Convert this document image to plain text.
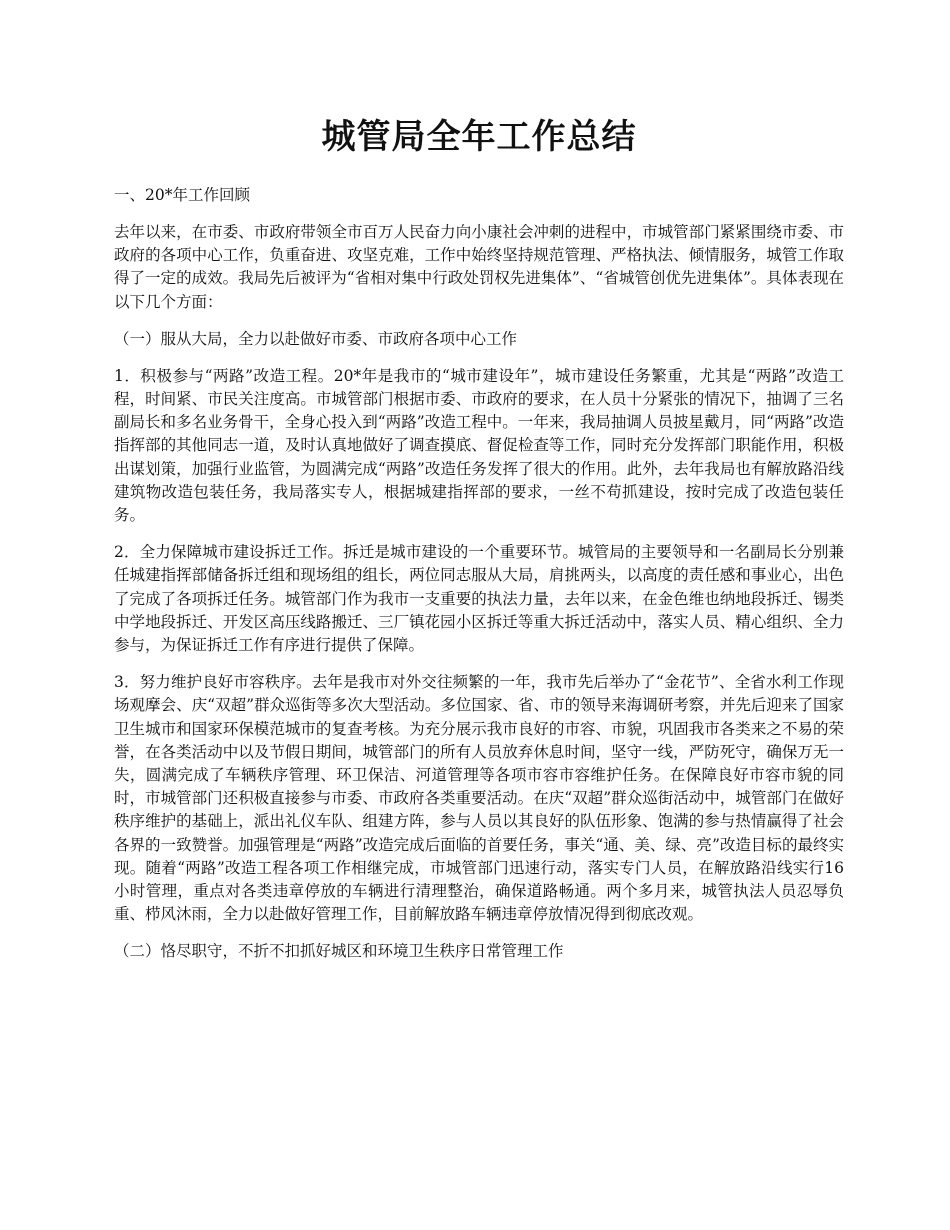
城管局全年工作总结

一、20*年工作回顾

去年以来，在市委、市政府带领全市百万人民奋力向小康社会冲刺的进程中，市城管部门紧紧围绕市委、市政府的各项中心工作，负重奋进、攻坚克难，工作中始终坚持规范管理、严格执法、倾情服务，城管工作取得了一定的成效。我局先后被评为“省相对集中行政处罚权先进集体”、“省城管创优先进集体”。具体表现在以下几个方面：

（一）服从大局，全力以赴做好市委、市政府各项中心工作

1．积极参与“两路”改造工程。20*年是我市的“城市建设年”，城市建设任务繁重，尤其是“两路”改造工程，时间紧、市民关注度高。市城管部门根据市委、市政府的要求，在人员十分紧张的情况下，抽调了三名副局长和多名业务骨干，全身心投入到“两路”改造工程中。一年来，我局抽调人员披星戴月，同“两路”改造指挥部的其他同志一道，及时认真地做好了调查摸底、督促检查等工作，同时充分发挥部门职能作用，积极出谋划策，加强行业监管，为圆满完成“两路”改造任务发挥了很大的作用。此外，去年我局也有解放路沿线建筑物改造包装任务，我局落实专人，根据城建指挥部的要求，一丝不苟抓建设，按时完成了改造包装任务。

2．全力保障城市建设拆迁工作。拆迁是城市建设的一个重要环节。城管局的主要领导和一名副局长分别兼任城建指挥部储备拆迁组和现场组的组长，两位同志服从大局，肩挑两头，以高度的责任感和事业心，出色了完成了各项拆迁任务。城管部门作为我市一支重要的执法力量，去年以来，在金色维也纳地段拆迁、锡类中学地段拆迁、开发区高压线路搬迁、三厂镇花园小区拆迁等重大拆迁活动中，落实人员、精心组织、全力参与，为保证拆迁工作有序进行提供了保障。

3．努力维护良好市容秩序。去年是我市对外交往频繁的一年，我市先后举办了“金花节”、全省水利工作现场观摩会、庆“双超”群众巡街等多次大型活动。多位国家、省、市的领导来海调研考察，并先后迎来了国家卫生城市和国家环保模范城市的复查考核。为充分展示我市良好的市容、市貌，巩固我市各类来之不易的荣誉，在各类活动中以及节假日期间，城管部门的所有人员放弃休息时间，坚守一线，严防死守，确保万无一失，圆满完成了车辆秩序管理、环卫保洁、河道管理等各项市容市容维护任务。在保障良好市容市貌的同时，市城管部门还积极直接参与市委、市政府各类重要活动。在庆“双超”群众巡街活动中，城管部门在做好秩序维护的基础上，派出礼仪车队、组建方阵，参与人员以其良好的队伍形象、饱满的参与热情赢得了社会各界的一致赞誉。加强管理是“两路”改造完成后面临的首要任务，事关“通、美、绿、亮”改造目标的最终实现。随着“两路”改造工程各项工作相继完成，市城管部门迅速行动，落实专门人员，在解放路沿线实行16小时管理，重点对各类违章停放的车辆进行清理整治，确保道路畅通。两个多月来，城管执法人员忍辱负重、栉风沐雨，全力以赴做好管理工作，目前解放路车辆违章停放情况得到彻底改观。

（二）恪尽职守，不折不扣抓好城区和环境卫生秩序日常管理工作
